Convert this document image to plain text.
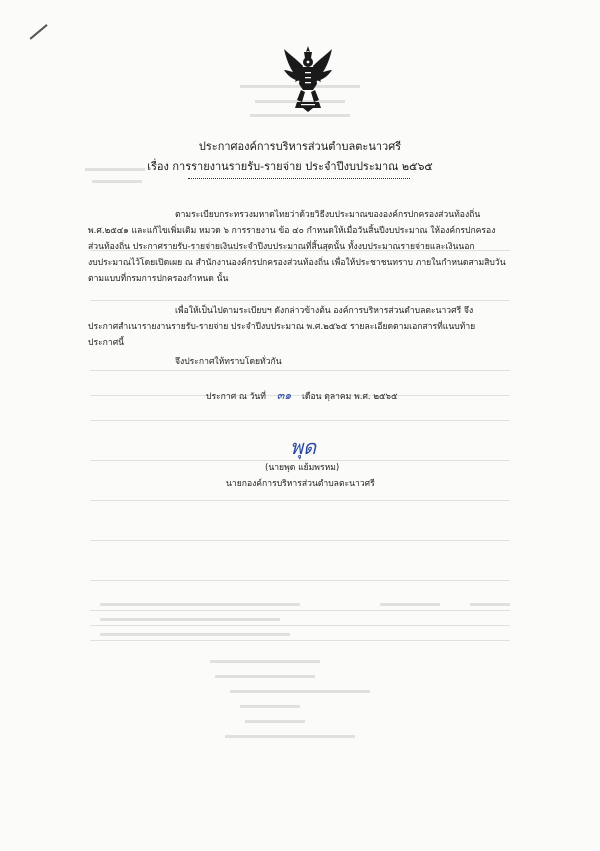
ประกาศองค์การบริหารส่วนตำบลตะนาวศรี
เรื่อง การรายงานรายรับ-รายจ่าย ประจำปีงบประมาณ ๒๕๖๕
ตามระเบียบกระทรวงมหาดไทยว่าด้วยวิธีงบประมาณขององค์กรปกครองส่วนท้องถิ่น
พ.ศ.๒๕๔๑ และแก้ไขเพิ่มเติม หมวด ๖ การรายงาน ข้อ ๔๐ กำหนดให้เมื่อวันสิ้นปีงบประมาณ ให้องค์กรปกครอง
ส่วนท้องถิ่น ประกาศรายรับ-รายจ่ายเงินประจำปีงบประมาณที่สิ้นสุดนั้น ทั้งงบประมาณรายจ่ายและเงินนอก
งบประมาณไว้โดยเปิดเผย ณ สำนักงานองค์กรปกครองส่วนท้องถิ่น เพื่อให้ประชาชนทราบ ภายในกำหนดสามสิบวัน
ตามแบบที่กรมการปกครองกำหนด นั้น
เพื่อให้เป็นไปตามระเบียบฯ ดังกล่าวข้างต้น องค์การบริหารส่วนตำบลตะนาวศรี จึง
ประกาศสำเนารายงานรายรับ-รายจ่าย ประจำปีงบประมาณ พ.ศ.๒๕๖๕ รายละเอียดตามเอกสารที่แนบท้าย
ประกาศนี้
จึงประกาศให้ทราบโดยทั่วกัน
ประกาศ ณ วันที่ ๓๑ เดือน ตุลาคม พ.ศ. ๒๕๖๕
พุด
(นายพุด แย้มพรหม)
นายกองค์การบริหารส่วนตำบลตะนาวศรี
